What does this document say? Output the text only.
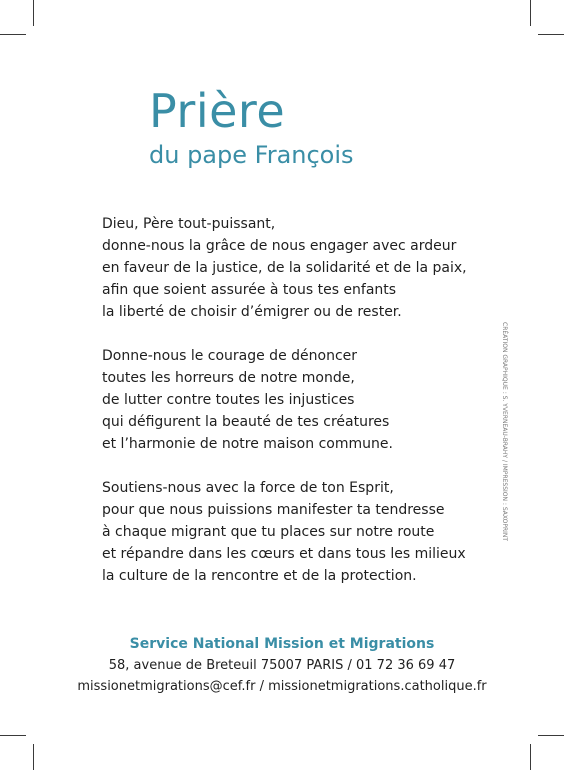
Prière
du pape François
Dieu, Père tout-puissant,
donne-nous la grâce de nous engager avec ardeur
en faveur de la justice, de la solidarité et de la paix,
afin que soient assurée à tous tes enfants
la liberté de choisir d’émigrer ou de rester.
Donne-nous le courage de dénoncer
toutes les horreurs de notre monde,
de lutter contre toutes les injustices
qui défigurent la beauté de tes créatures
et l’harmonie de notre maison commune.
Soutiens-nous avec la force de ton Esprit,
pour que nous puissions manifester ta tendresse
à chaque migrant que tu places sur notre route
et répandre dans les cœurs et dans tous les milieux
la culture de la rencontre et de la protection.
CRÉATION GRAPHIQUE : S. YVERNEAU-BRAHY / IMPRESSION : SAXOPRINT
Service National Mission et Migrations
58, avenue de Breteuil 75007 PARIS / 01 72 36 69 47
missionetmigrations@cef.fr / missionetmigrations.catholique.fr
